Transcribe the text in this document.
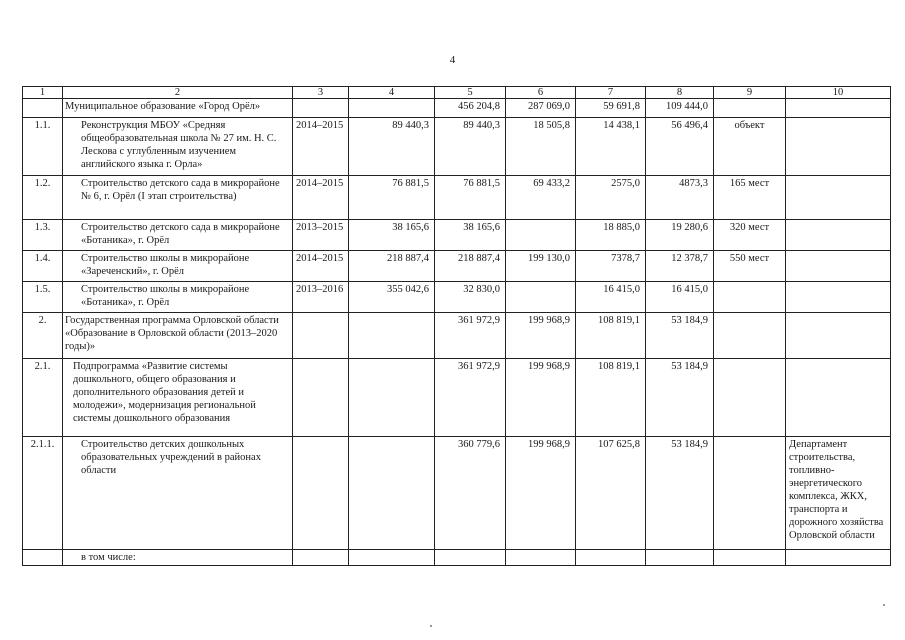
4
1	2	3	4	5	6	7	8	9	10
	Муниципальное образование «Город Орёл»			456 204,8	287 069,0	59 691,8	109 444,0		
1.1.	Реконструкция МБОУ «Средняя общеобразовательная школа № 27 им. Н. С. Лескова с углубленным изучением английского языка г. Орла»	2014–2015	89 440,3	89 440,3	18 505,8	14 438,1	56 496,4	объект	
1.2.	Строительство детского сада в микрорайоне № 6, г. Орёл (I этап строительства)	2014–2015	76 881,5	76 881,5	69 433,2	2575,0	4873,3	165 мест	
1.3.	Строительство детского сада в микрорайоне «Ботаника», г. Орёл	2013–2015	38 165,6	38 165,6		18 885,0	19 280,6	320 мест	
1.4.	Строительство школы в микрорайоне «Зареченский», г. Орёл	2014–2015	218 887,4	218 887,4	199 130,0	7378,7	12 378,7	550 мест	
1.5.	Строительство школы в микрорайоне «Ботаника», г. Орёл	2013–2016	355 042,6	32 830,0		16 415,0	16 415,0		
2.	Государственная программа Орловской области «Образование в Орловской области (2013–2020 годы)»			361 972,9	199 968,9	108 819,1	53 184,9		
2.1.	Подпрограмма «Развитие системы дошкольного, общего образования и дополнительного образования детей и молодежи», модернизация региональной системы дошкольного образования			361 972,9	199 968,9	108 819,1	53 184,9		
2.1.1.	Строительство детских дошкольных образовательных учреждений в районах области			360 779,6	199 968,9	107 625,8	53 184,9		Департамент строительства, топливно-энергетического комплекса, ЖКХ, транспорта и дорожного хозяйства Орловской области
	в том числе:								
